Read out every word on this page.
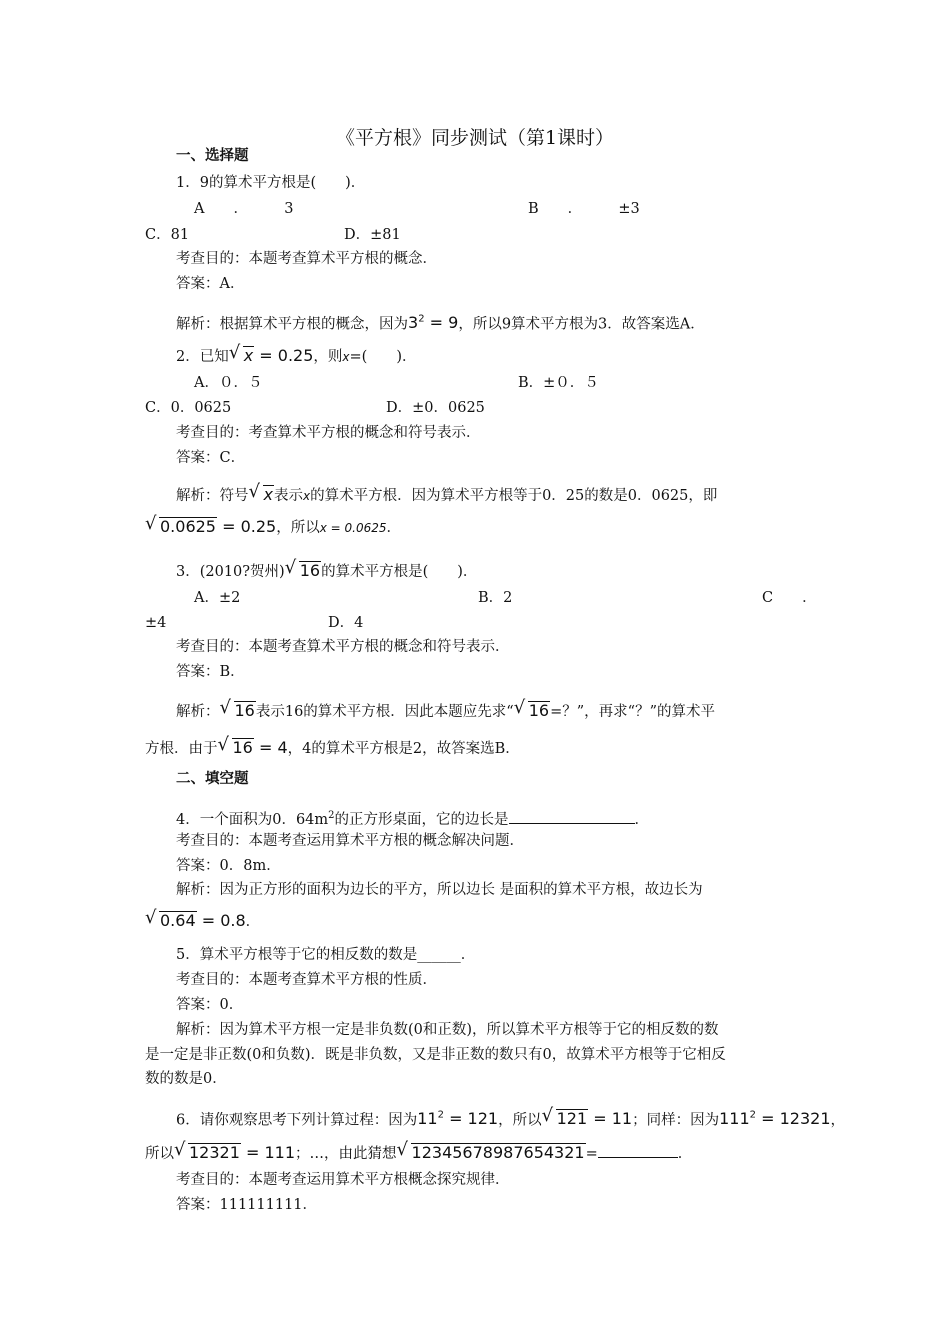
《平方根》同步测试（第1课时）
一、选择题
1．9的算术平方根是(　　)．
A　　．　　　3	B　　．　　　±3
C．81	D．±81
考查目的：本题考查算术平方根的概念．
答案：A．
解析：根据算术平方根的概念，因为$3^2 = 9$，所以9算术平方根为3．故答案选A．
2．已知 √ x = 0.25，则x=(　　)．
A．０．５	B．±０．５
C．0．0625	D．±0．0625
考查目的：考查算术平方根的概念和符号表示．
答案：C．
解析：符号 √ x表示x的算术平方根．因为算术平方根等于0．25的数是0．0625，即
√ 0.0625 = 0.25，所以x = 0.0625．
3．(2010?贺州) √ 16的算术平方根是(　　)．
A．±2	B．2	C　　．
±4	D．4
考查目的：本题考查算术平方根的概念和符号表示．
答案：B．
解析： √ 16表示16的算术平方根．因此本题应先求“ √ 16=？”，再求“？”的算术平
方根．由于 √ 16 = 4，4的算术平方根是2，故答案选B．
二、填空题
4．一个面积为0．$64m^2$的正方形桌面，它的边长是	．
考查目的：本题考查运用算术平方根的概念解决问题．
答案：0．8m．
解析：因为正方形的面积为边长的平方，所以边长 是面积的算术平方根，故边长为
√ 0.64 = 0.8．
5．算术平方根等于它的相反数的数是______．
考查目的：本题考查算术平方根的性质．
答案：0．
解析：因为算术平方根一定是非负数(0和正数)，所以算术平方根等于它的相反数的数
是一定是非正数(0和负数)．既是非负数，又是非正数的数只有0，故算术平方根等于它相反
数的数是0．
6．请你观察思考下列计算过程：因为$11^2 = 121$，所以 √ 121 = 11；同样：因为$111^2 = 12321$，
所以 √ 12321 = 111；…，由此猜想 √ 12345678987654321=	．
考查目的：本题考查运用算术平方根概念探究规律．
答案：111111111．
